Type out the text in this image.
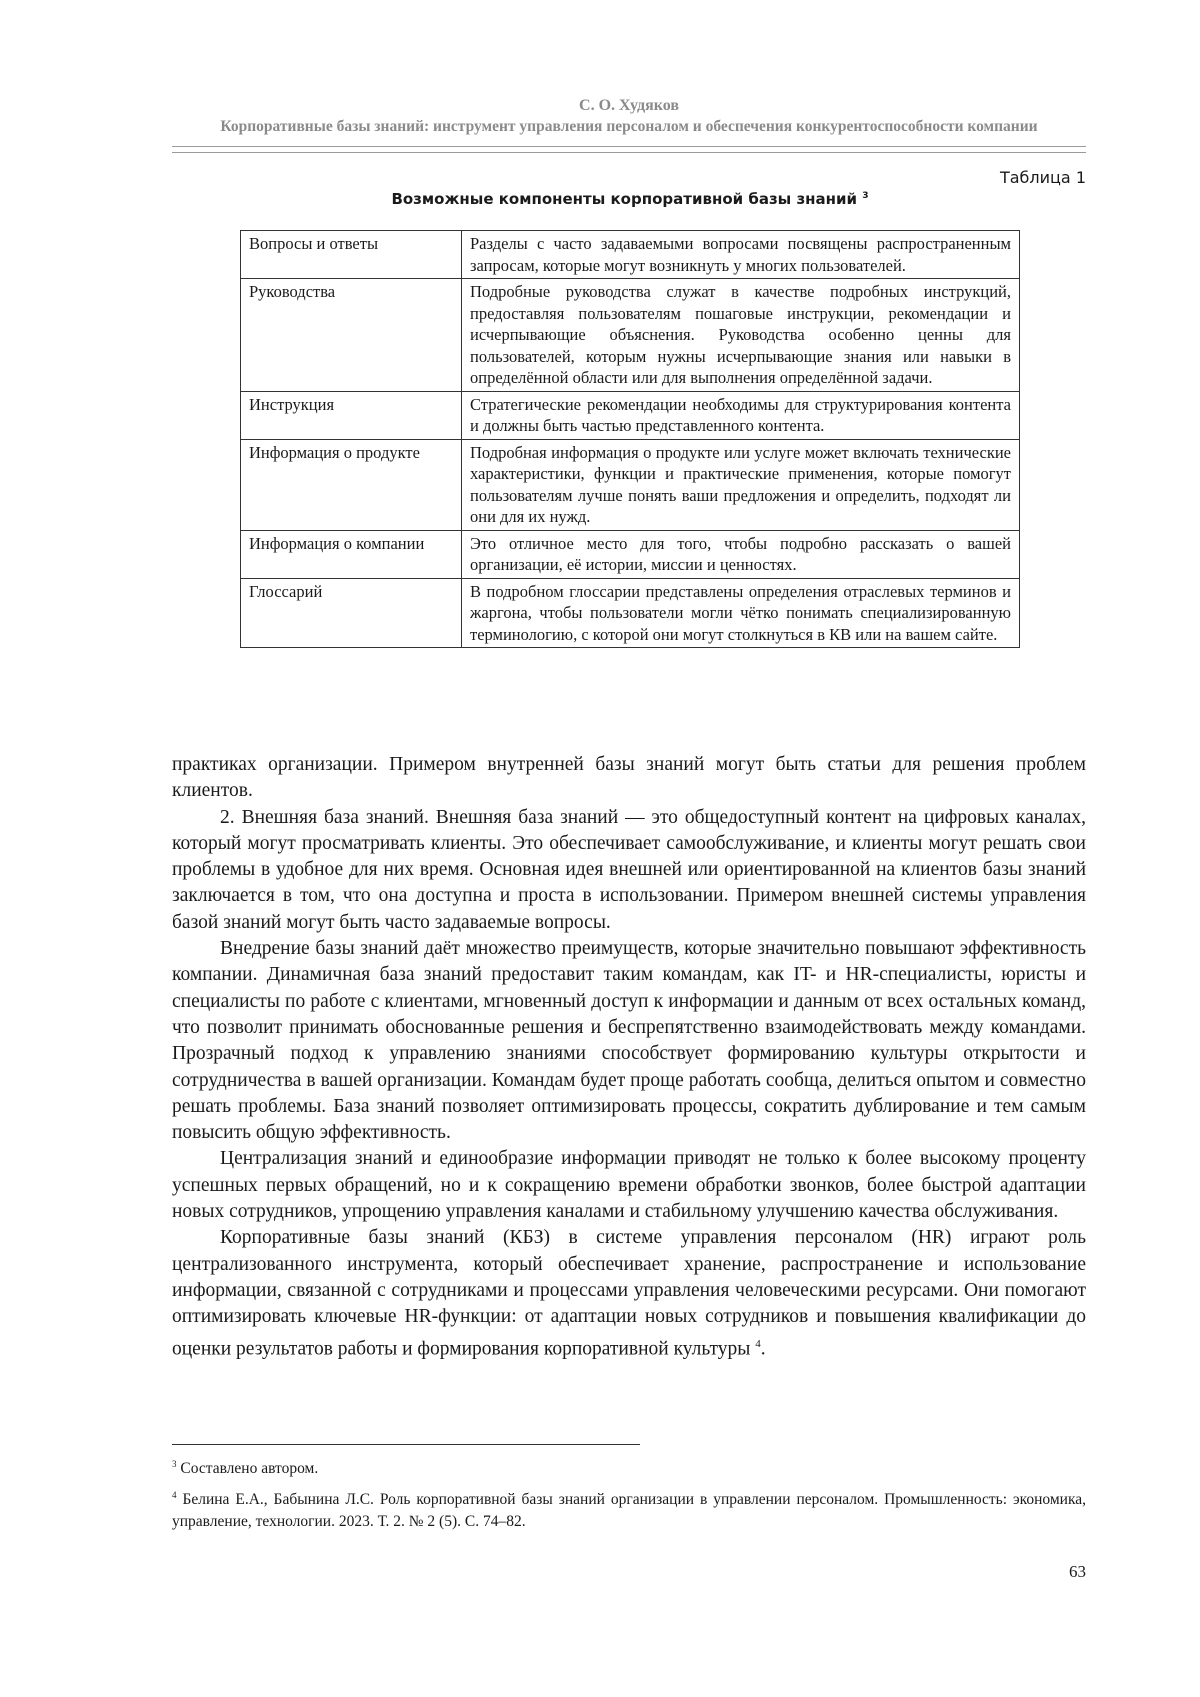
С. О. Худяков
Корпоративные базы знаний: инструмент управления персоналом и обеспечения конкурентоспособности компании
Таблица 1
Возможные компоненты корпоративной базы знаний $^3$
Вопросы и ответы	Разделы с часто задаваемыми вопросами посвящены распространенным запросам, которые могут возникнуть у многих пользователей.
Руководства	Подробные руководства служат в качестве подробных инструкций, предоставляя пользователям пошаговые инструкции, рекомендации и исчерпывающие объяснения. Руководства особенно ценны для пользователей, которым нужны исчерпывающие знания или навыки в определённой области или для выполнения определённой задачи.
Инструкция	Стратегические рекомендации необходимы для структурирования контента и должны быть частью представленного контента.
Информация о продукте	Подробная информация о продукте или услуге может включать технические характеристики, функции и практические применения, которые помогут пользователям лучше понять ваши предложения и определить, подходят ли они для их нужд.
Информация о компании	Это отличное место для того, чтобы подробно рассказать о вашей организации, её истории, миссии и ценностях.
Глоссарий	В подробном глоссарии представлены определения отраслевых терминов и жаргона, чтобы пользователи могли чётко понимать специализированную терминологию, с которой они могут столкнуться в КВ или на вашем сайте.

практиках организации. Примером внутренней базы знаний могут быть статьи для решения проблем клиентов.

2. Внешняя база знаний. Внешняя база знаний — это общедоступный контент на цифровых каналах, который могут просматривать клиенты. Это обеспечивает самообслуживание, и клиенты могут решать свои проблемы в удобное для них время. Основная идея внешней или ориентированной на клиентов базы знаний заключается в том, что она доступна и проста в использовании. Примером внешней системы управления базой знаний могут быть часто задаваемые вопросы.

Внедрение базы знаний даёт множество преимуществ, которые значительно повышают эффективность компании. Динамичная база знаний предоставит таким командам, как IT- и HR-специалисты, юристы и специалисты по работе с клиентами, мгновенный доступ к информации и данным от всех остальных команд, что позволит принимать обоснованные решения и беспрепятственно взаимодействовать между командами. Прозрачный подход к управлению знаниями способствует формированию культуры открытости и сотрудничества в вашей организации. Командам будет проще работать сообща, делиться опытом и совместно решать проблемы. База знаний позволяет оптимизировать процессы, сократить дублирование и тем самым повысить общую эффективность.

Централизация знаний и единообразие информации приводят не только к более высокому проценту успешных первых обращений, но и к сокращению времени обработки звонков, более быстрой адаптации новых сотрудников, упрощению управления каналами и стабильному улучшению качества обслуживания.

Корпоративные базы знаний (КБЗ) в системе управления персоналом (HR) играют роль централизованного инструмента, который обеспечивает хранение, распространение и использование информации, связанной с сотрудниками и процессами управления человеческими ресурсами. Они помогают оптимизировать ключевые HR-функции: от адаптации новых сотрудников и повышения квалификации до оценки результатов работы и формирования корпоративной культуры $^4$.

$^3$ Составлено автором.

$^4$ Белина Е.А., Бабынина Л.С. Роль корпоративной базы знаний организации в управлении персоналом. Промышленность: экономика, управление, технологии. 2023. Т. 2. № 2 (5). С. 74–82.

63
